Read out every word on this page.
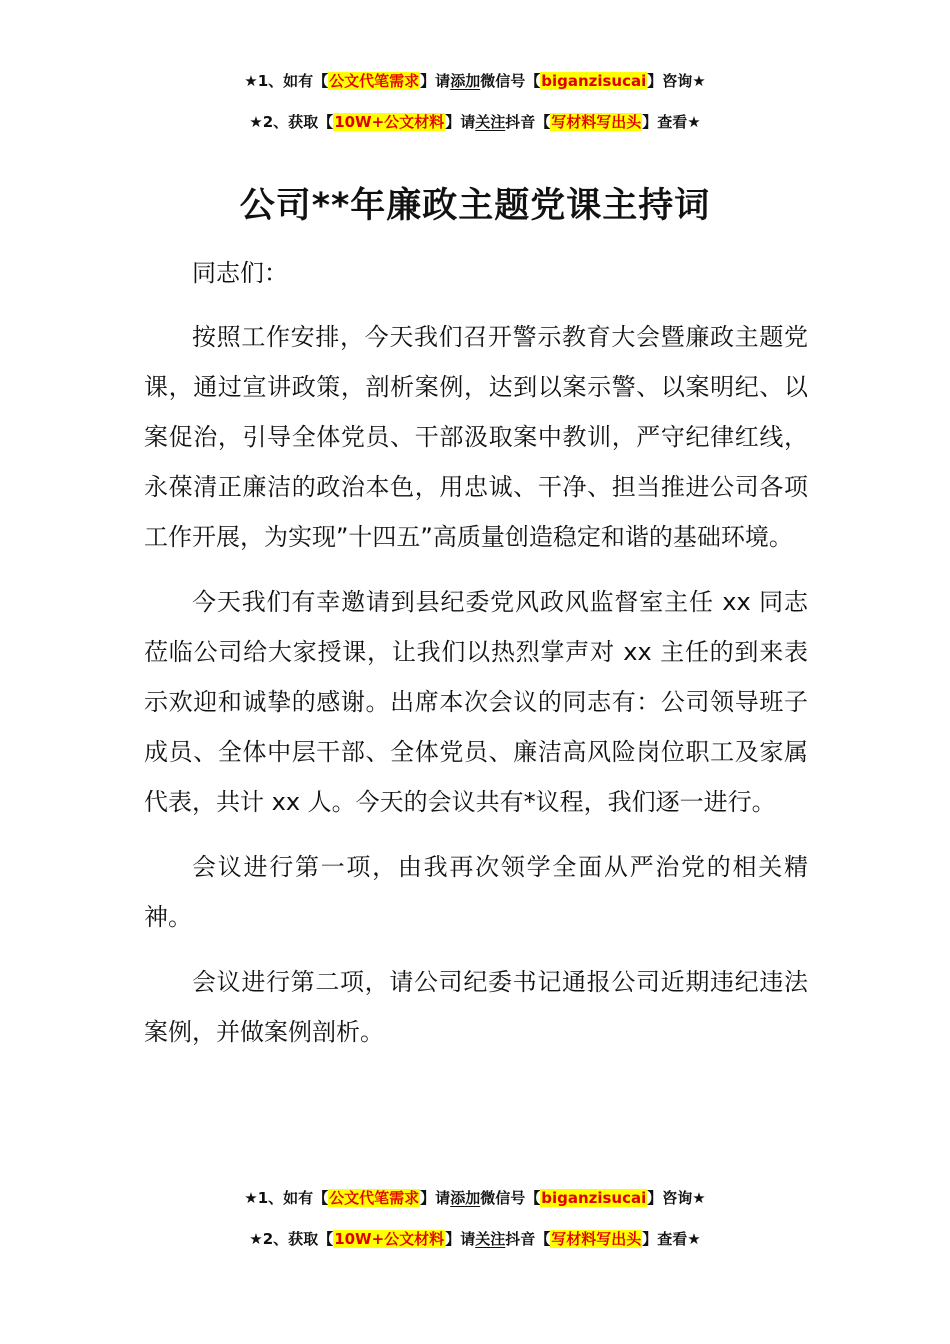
★1、如有【公文代笔需求】请添加微信号【biganzisucai】咨询★
★2、获取【10W+公文材料】请关注抖音【写材料写出头】查看★
公司**年廉政主题党课主持词

同志们：

按照工作安排，今天我们召开警示教育大会暨廉政主题党课，通过宣讲政策，剖析案例，达到以案示警、以案明纪、以案促治，引导全体党员、干部汲取案中教训，严守纪律红线，永葆清正廉洁的政治本色，用忠诚、干净、担当推进公司各项工作开展，为实现”十四五”高质量创造稳定和谐的基础环境。

今天我们有幸邀请到县纪委党风政风监督室主任 xx 同志莅临公司给大家授课，让我们以热烈掌声对 xx 主任的到来表示欢迎和诚挚的感谢。出席本次会议的同志有：公司领导班子成员、全体中层干部、全体党员、廉洁高风险岗位职工及家属代表，共计 xx 人。今天的会议共有*议程，我们逐一进行。

会议进行第一项，由我再次领学全面从严治党的相关精神。

会议进行第二项，请公司纪委书记通报公司近期违纪违法案例，并做案例剖析。

★1、如有【公文代笔需求】请添加微信号【biganzisucai】咨询★
★2、获取【10W+公文材料】请关注抖音【写材料写出头】查看★
